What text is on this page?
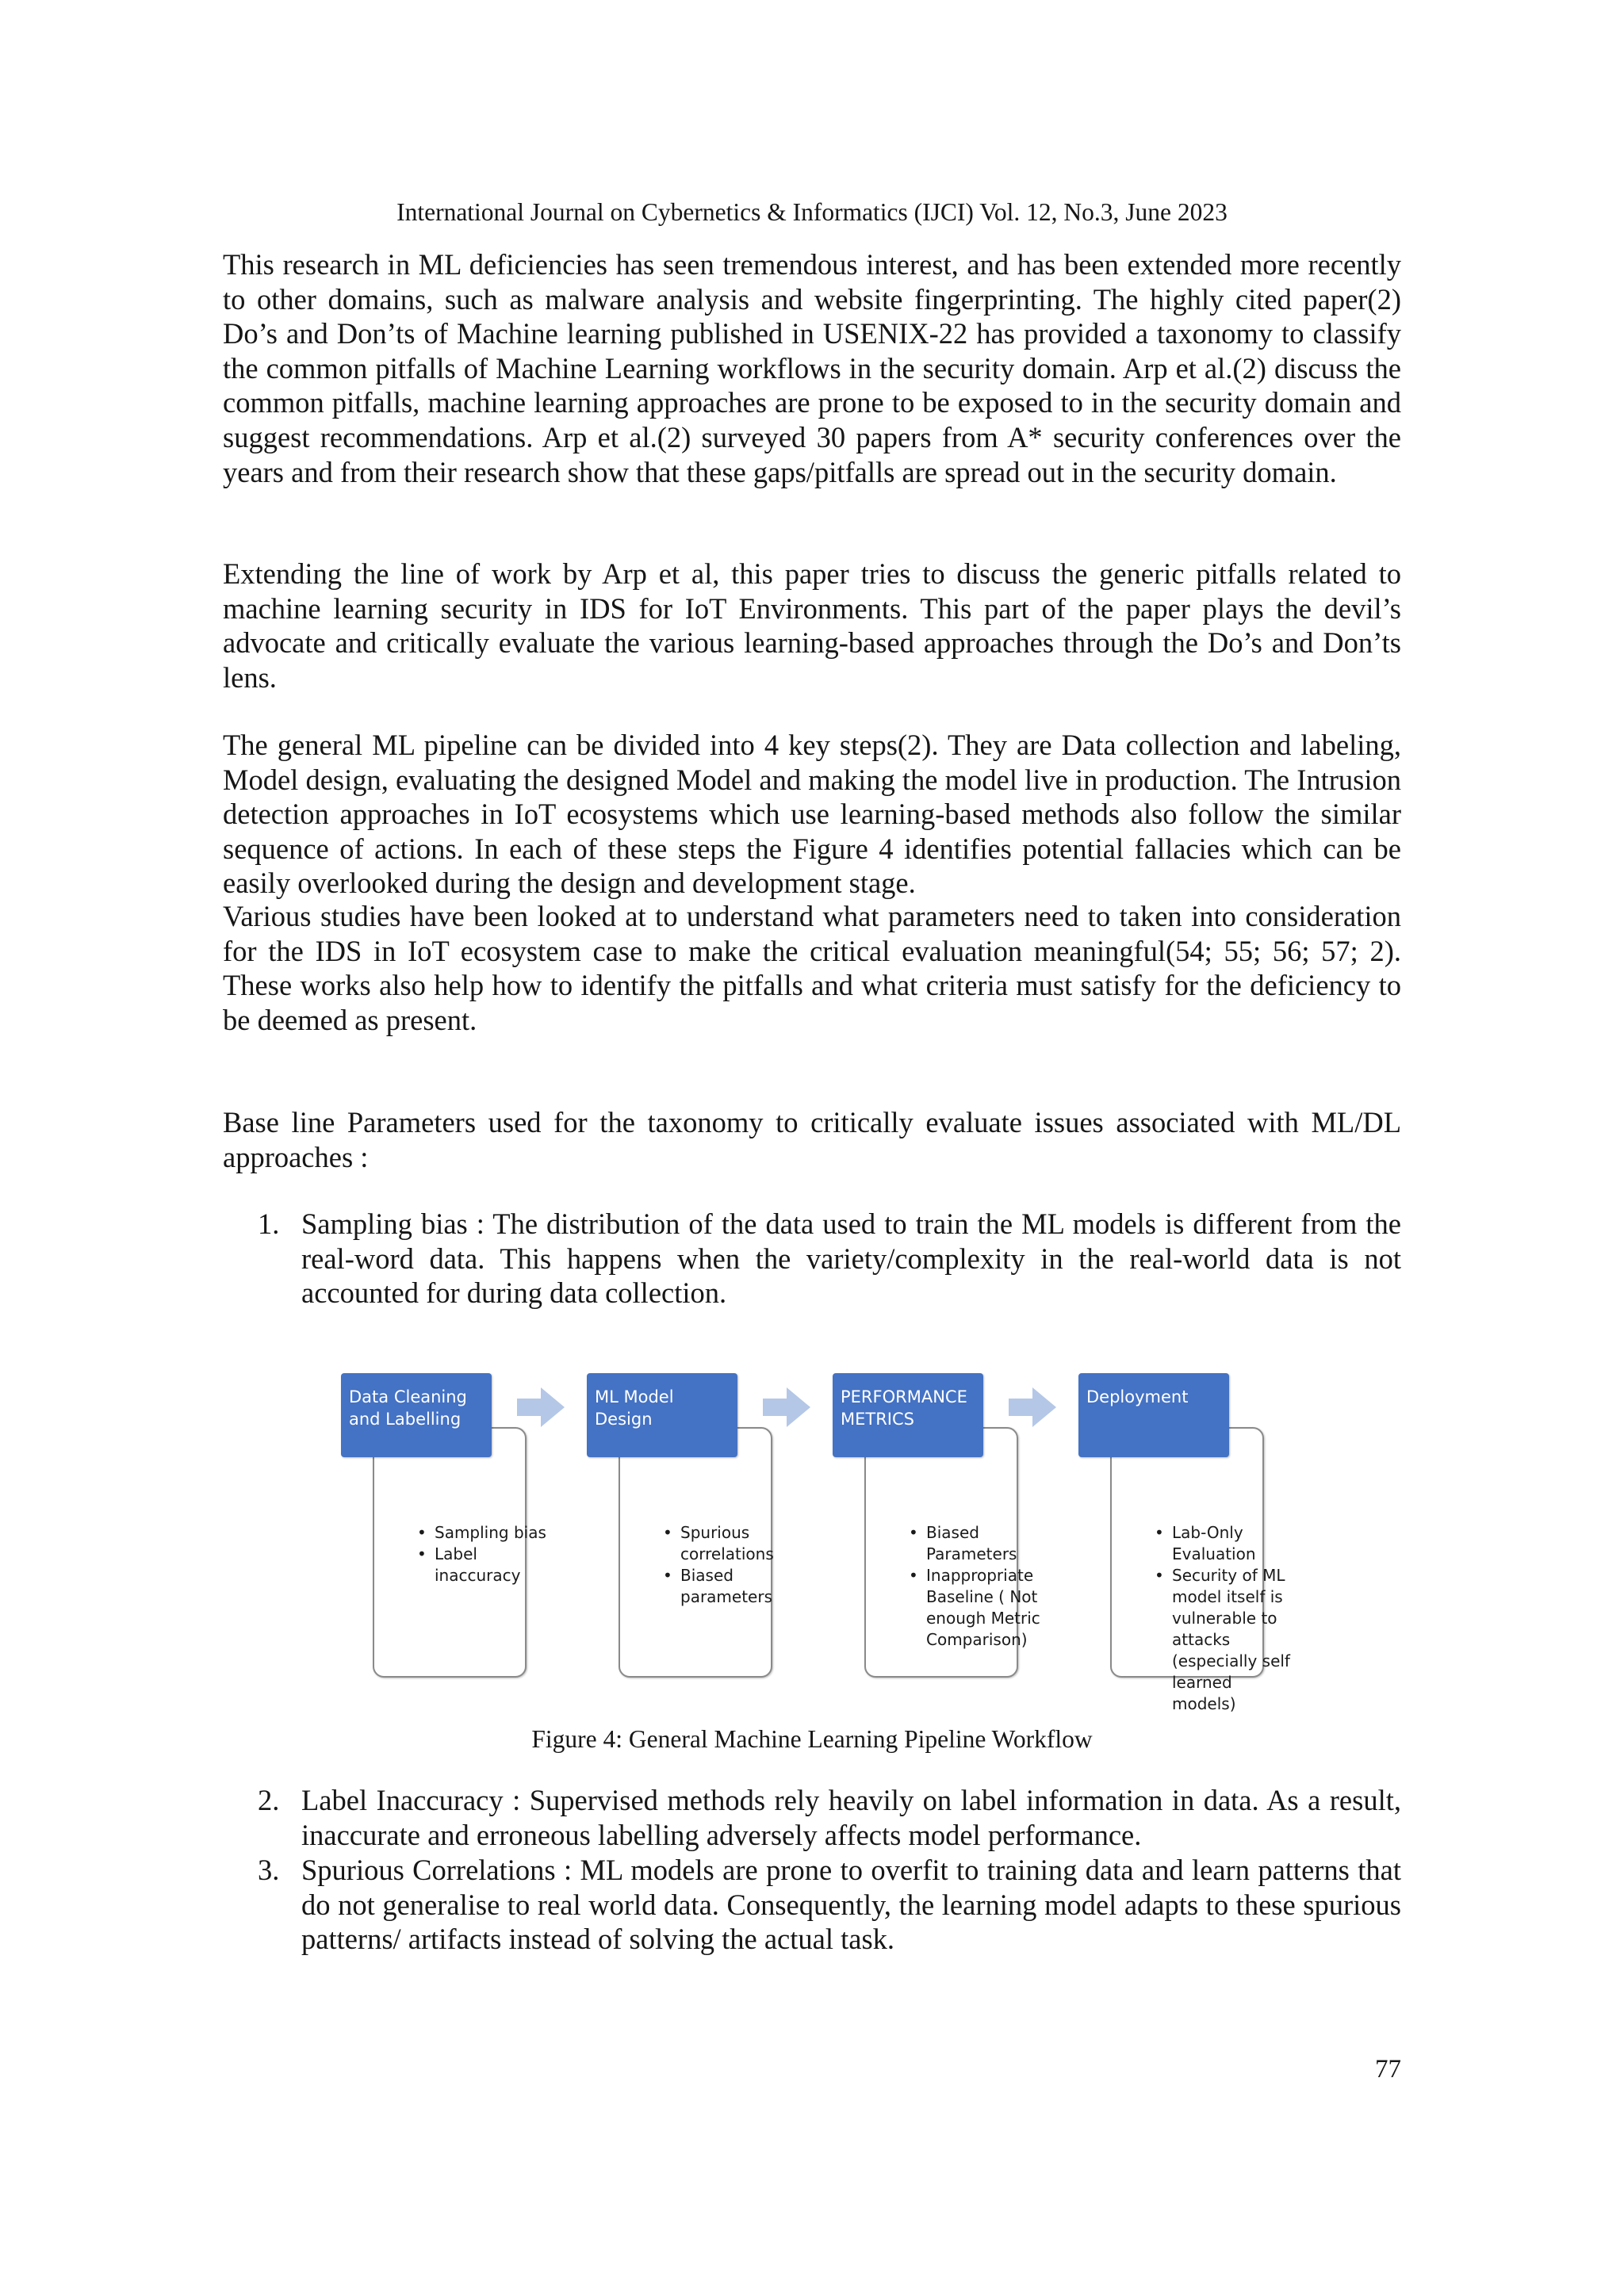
International Journal on Cybernetics & Informatics (IJCI) Vol. 12, No.3, June 2023

This research in ML deficiencies has seen tremendous interest, and has been extended more recently to other domains, such as malware analysis and website fingerprinting. The highly cited paper(2) Do’s and Don’ts of Machine learning published in USENIX-22 has provided a taxonomy to classify the common pitfalls of Machine Learning workflows in the security domain. Arp et al.(2) discuss the common pitfalls, machine learning approaches are prone to be exposed to in the security domain and suggest recommendations. Arp et al.(2) surveyed 30 papers from A* security conferences over the years and from their research show that these gaps/pitfalls are spread out in the security domain.

Extending the line of work by Arp et al, this paper tries to discuss the generic pitfalls related to machine learning security in IDS for IoT Environments. This part of the paper plays the devil’s advocate and critically evaluate the various learning-based approaches through the Do’s and Don’ts lens.

The general ML pipeline can be divided into 4 key steps(2). They are Data collection and labeling, Model design, evaluating the designed Model and making the model live in production. The Intrusion detection approaches in IoT ecosystems which use learning-based methods also follow the similar sequence of actions. In each of these steps the Figure 4 identifies potential fallacies which can be easily overlooked during the design and development stage.

Various studies have been looked at to understand what parameters need to taken into consideration for the IDS in IoT ecosystem case to make the critical evaluation meaningful(54; 55; 56; 57; 2). These works also help how to identify the pitfalls and what criteria must satisfy for the deficiency to be deemed as present.

Base line Parameters used for the taxonomy to critically evaluate issues associated with ML/DL approaches :

1. Sampling bias : The distribution of the data used to train the ML models is different from the real-word data. This happens when the variety/complexity in the real-world data is not accounted for during data collection.
2. Label Inaccuracy : Supervised methods rely heavily on label information in data. As a result, inaccurate and erroneous labelling adversely affects model performance.
3. Spurious Correlations : ML models are prone to overfit to training data and learn patterns that do not generalise to real world data. Consequently, the learning model adapts to these spurious patterns/ artifacts instead of solving the actual task.
• Sampling bias
• Label inaccuracy

Data Cleaning and Labelling

• Spurious correlations
• Biased parameters

ML Model Design

• Biased Parameters
• Inappropriate Baseline ( Not enough Metric Comparison)

PERFORMANCE METRICS

• Lab-Only Evaluation
• Security of ML model itself is vulnerable to attacks (especially self learned models)

Deployment

Figure 4: General Machine Learning Pipeline Workflow
77
